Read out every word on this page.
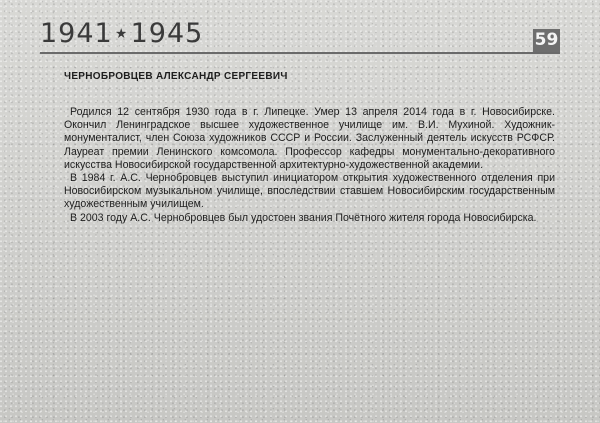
1941⋆1945	59
ЧЕРНОБРОВЦЕВ АЛЕКСАНДР СЕРГЕЕВИЧ

Родился 12 сентября 1930 года в г. Липецке. Умер 13 апреля 2014 года в г. Новосибирске. Окончил Ленинградское высшее художественное училище им. В.И. Мухиной. Художник-монументалист, член Союза художников СССР и России. Заслуженный деятель искусств РСФСР. Лауреат премии Ленинского комсомола. Профессор кафедры монументально-декоративного искусства Новосибирской государственной архитектурно-художественной академии.

В 1984 г. А.С. Чернобровцев выступил инициатором открытия художественного отделения при Новосибирском музыкальном училище, впоследствии ставшем Новосибирским государственным художественным училищем.

В 2003 году А.С. Чернобровцев был удостоен звания Почётного жителя города Новосибирска.
